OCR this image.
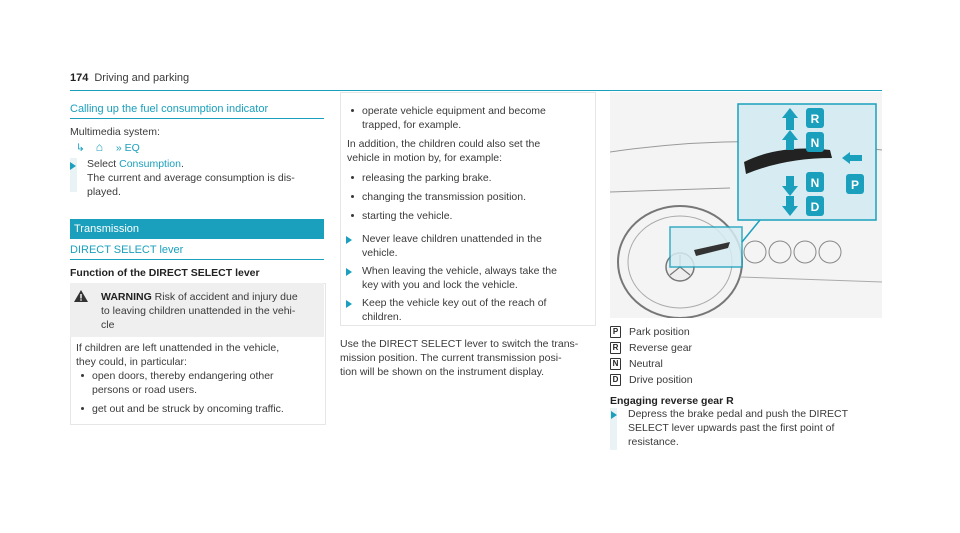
174 Driving and parking
Calling up the fuel consumption indicator
Multimedia system:
↳ ⌂ » EQ
Select Consumption.
The current and average consumption is dis-
played.
Transmission
DIRECT SELECT lever
Function of the DIRECT SELECT lever
WARNING Risk of accident and injury due
to leaving children unattended in the vehi-
cle
If children are left unattended in the vehicle,
they could, in particular:
open doors, thereby endangering other
persons or road users.
get out and be struck by oncoming traffic.
operate vehicle equipment and become
trapped, for example.
In addition, the children could also set the
vehicle in motion by, for example:
releasing the parking brake.
changing the transmission position.
starting the vehicle.
Never leave children unattended in the
vehicle.
When leaving the vehicle, always take the
key with you and lock the vehicle.
Keep the vehicle key out of the reach of
children.
Use the DIRECT SELECT lever to switch the trans-
mission position. The current transmission posi-
tion will be shown on the instrument display.
R
N
P
N
D
P Park position
R Reverse gear
N Neutral
D Drive position
Engaging reverse gear R
Depress the brake pedal and push the DIRECT
SELECT lever upwards past the first point of
resistance.
